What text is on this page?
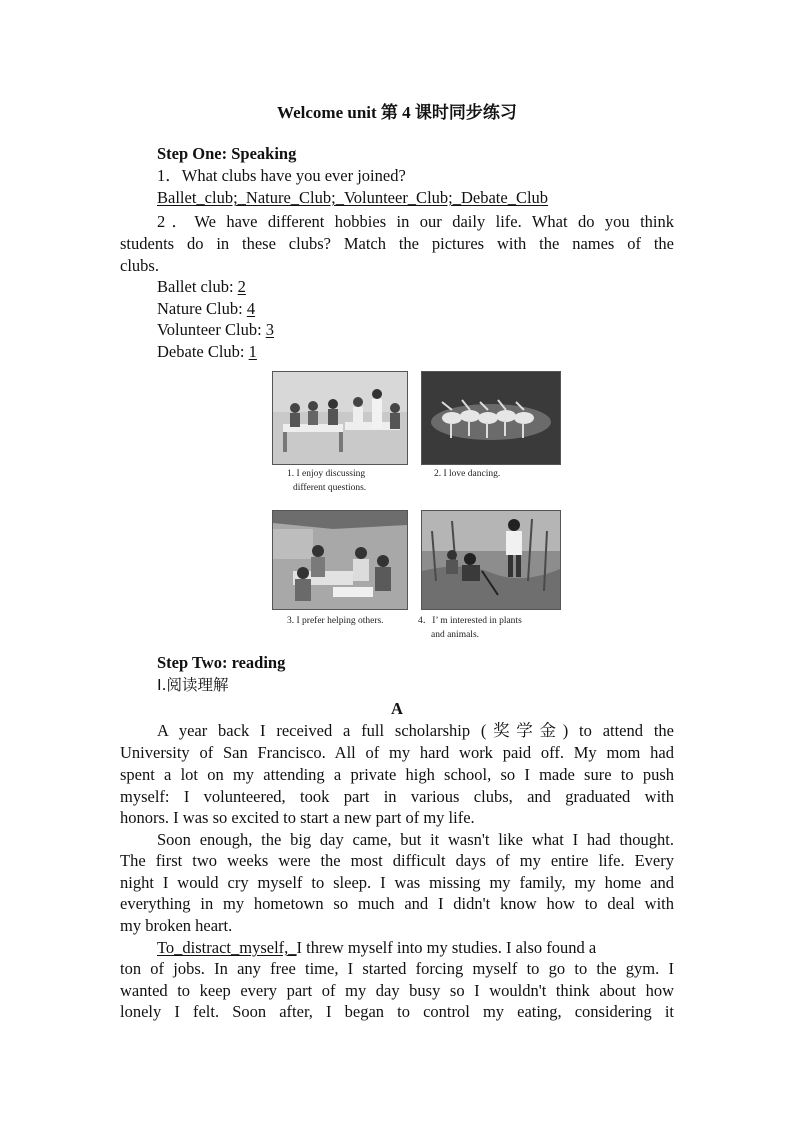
Welcome unit 第 4 课时同步练习
Step One: Speaking
1．What clubs have you ever joined?
Ballet_club;_Nature_Club;_Volunteer_Club;_Debate_Club
2．We have different hobbies in our daily life. What do you think
students do in these clubs? Match the pictures with the names of the
clubs.
Ballet club: 2
Nature Club: 4
Volunteer Club: 3
Debate Club: 1
1. I enjoy discussing
different questions.
2. I love dancing.
3. I prefer helping others.	4．I’ m interested in plants
and animals.
Step Two: reading
Ⅰ.阅读理解
A
A year back I received a full scholarship (奖学金) to attend the
University of San Francisco. All of my hard work paid off. My mom had
spent a lot on my attending a private high school, so I made sure to push
myself: I volunteered, took part in various clubs, and graduated with
honors. I was so excited to start a new part of my life.
Soon enough, the big day came, but it wasn't like what I had thought.
The first two weeks were the most difficult days of my entire life. Every
night I would cry myself to sleep. I was missing my family, my home and
everything in my hometown so much and I didn't know how to deal with
my broken heart.
To_distract_myself,_I threw myself into my studies. I also found a
ton of jobs. In any free time, I started forcing myself to go to the gym. I
wanted to keep every part of my day busy so I wouldn't think about how
lonely I felt. Soon after, I began to control my eating, considering it
